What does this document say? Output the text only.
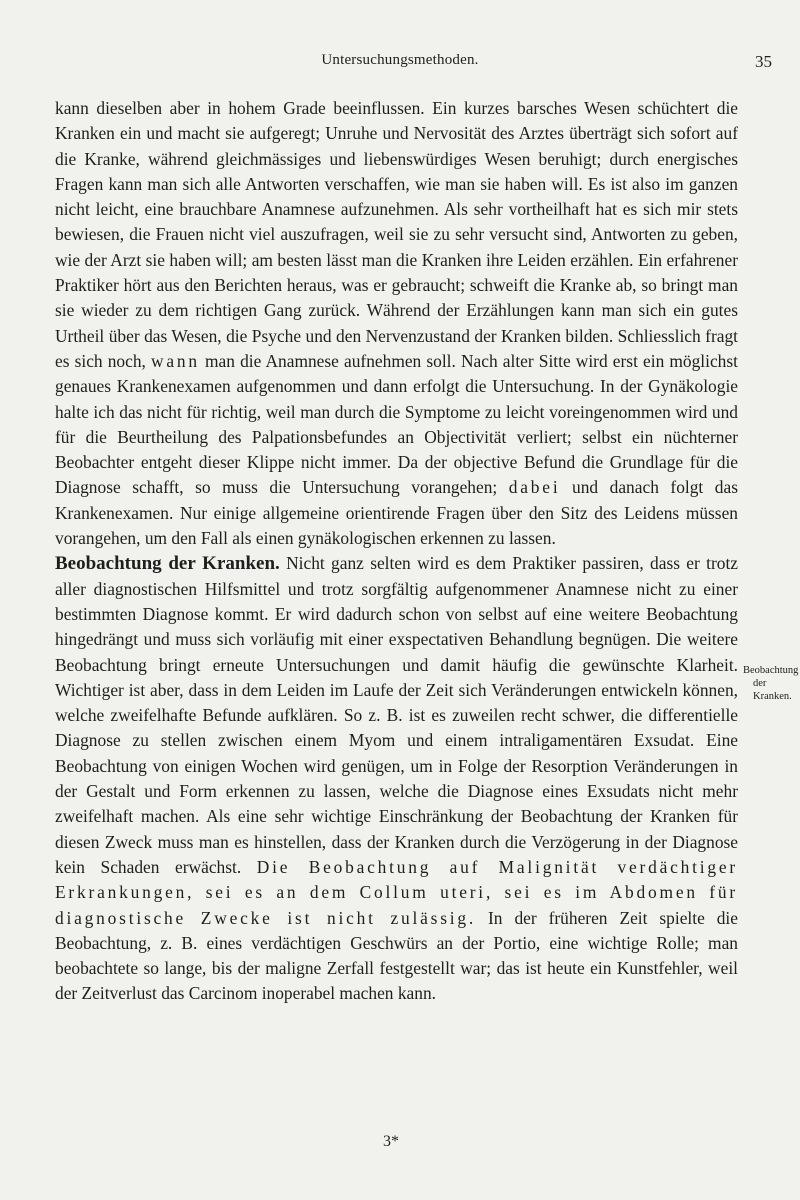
Untersuchungsmethoden.	35

kann dieselben aber in hohem Grade beeinflussen. Ein kurzes barsches Wesen schüchtert die Kranken ein und macht sie aufgeregt; Unruhe und Nervosität des Arztes überträgt sich sofort auf die Kranke, während gleichmässiges und liebenswürdiges Wesen beruhigt; durch energisches Fragen kann man sich alle Antworten verschaffen, wie man sie haben will. Es ist also im ganzen nicht leicht, eine brauchbare Anamnese aufzunehmen. Als sehr vortheilhaft hat es sich mir stets bewiesen, die Frauen nicht viel auszufragen, weil sie zu sehr versucht sind, Antworten zu geben, wie der Arzt sie haben will; am besten lässt man die Kranken ihre Leiden erzählen. Ein erfahrener Praktiker hört aus den Berichten heraus, was er gebraucht; schweift die Kranke ab, so bringt man sie wieder zu dem richtigen Gang zurück. Während der Erzählungen kann man sich ein gutes Urtheil über das Wesen, die Psyche und den Nervenzustand der Kranken bilden. Schliesslich fragt es sich noch, wann man die Anamnese aufnehmen soll. Nach alter Sitte wird erst ein möglichst genaues Krankenexamen aufgenommen und dann erfolgt die Untersuchung. In der Gynäkologie halte ich das nicht für richtig, weil man durch die Symptome zu leicht voreingenommen wird und für die Beurtheilung des Palpationsbefundes an Objectivität verliert; selbst ein nüchterner Beobachter entgeht dieser Klippe nicht immer. Da der objective Befund die Grundlage für die Diagnose schafft, so muss die Untersuchung vorangehen; dabei und danach folgt das Krankenexamen. Nur einige allgemeine orientirende Fragen über den Sitz des Leidens müssen vorangehen, um den Fall als einen gynäkologischen erkennen zu lassen.

Beobachtung der Kranken. Nicht ganz selten wird es dem Praktiker passiren, dass er trotz aller diagnostischen Hilfsmittel und trotz sorgfältig aufgenommener Anamnese nicht zu einer bestimmten Diagnose kommt. Er wird dadurch schon von selbst auf eine weitere Beobachtung hingedrängt und muss sich vorläufig mit einer exspectativen Behandlung begnügen. Die weitere Beobachtung bringt erneute Untersuchungen und damit häufig die gewünschte Klarheit. Wichtiger ist aber, dass in dem Leiden im Laufe der Zeit sich Veränderungen entwickeln können, welche zweifelhafte Befunde aufklären. So z. B. ist es zuweilen recht schwer, die differentielle Diagnose zu stellen zwischen einem Myom und einem intraligamentären Exsudat. Eine Beobachtung von einigen Wochen wird genügen, um in Folge der Resorption Veränderungen in der Gestalt und Form erkennen zu lassen, welche die Diagnose eines Exsudats nicht mehr zweifelhaft machen. Als eine sehr wichtige Einschränkung der Beobachtung der Kranken für diesen Zweck muss man es hinstellen, dass der Kranken durch die Verzögerung in der Diagnose kein Schaden erwächst. Die Beobachtung auf Malignität verdächtiger Erkrankungen, sei es an dem Collum uteri, sei es im Abdomen für diagnostische Zwecke ist nicht zulässig. In der früheren Zeit spielte die Beobachtung, z. B. eines verdächtigen Geschwürs an der Portio, eine wichtige Rolle; man beobachtete so lange, bis der maligne Zerfall festgestellt war; das ist heute ein Kunstfehler, weil der Zeitverlust das Carcinom inoperabel machen kann.

Beobachtung
der Kranken.
3*
